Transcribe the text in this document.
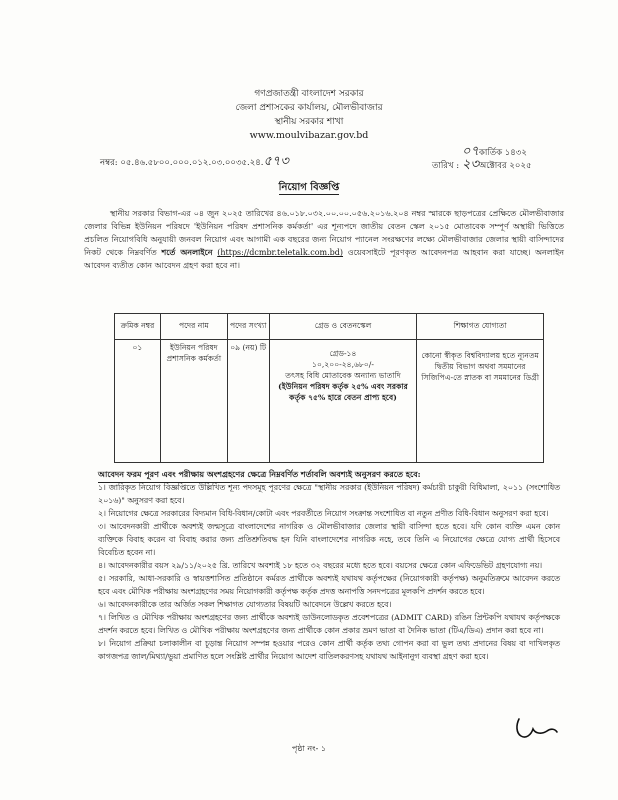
গণপ্রজাতন্ত্রী বাংলাদেশ সরকার
জেলা প্রশাসকের কার্যালয়, মৌলভীবাজার
স্থানীয় সরকার শাখা
www.moulvibazar.gov.bd
নম্বর: ০৫.৪৬.৫৮০০.০০০.০১২.০৩.০০৩৫.২৪.৫৭৩
০৭কার্তিক ১৪৩২
তারিখ : ২৩অক্টোবর ২০২৫
নিয়োগ বিজ্ঞপ্তি
স্থানীয় সরকার বিভাগ-এর ০৪ জুন ২০২৫ তারিখের ৪৬.০১৮.০৩২.০০.০০.০৫৬.২০১৬.২০৪ নম্বর স্মারকে ছাড়পত্রের প্রেক্ষিতে মৌলভীবাজার জেলার বিভিন্ন ইউনিয়ন পরিষদে 'ইউনিয়ন পরিষদ প্রশাসনিক কর্মকর্তা' এর শূন্যপদে জাতীয় বেতন স্কেল ২০১৫ মোতাবেক সম্পূর্ণ অস্থায়ী ভিত্তিতে প্রচলিত নিয়োগবিধি অনুযায়ী জনবল নিয়োগ এবং আগামী এক বছরের জন্য নিয়োগ প্যানেল সংরক্ষণের লক্ষ্যে মৌলভীবাজার জেলার স্থায়ী বাসিন্দাদের নিকট থেকে নিম্নবর্ণিত শর্তে অনলাইনে (https://dcmbr.teletalk.com.bd) ওয়েবসাইটে পূরণকৃত আবেদনপত্র আহবান করা যাচ্ছে। অনলাইন আবেদন ব্যতীত কোন আবেদন গ্রহণ করা হবে না।
ক্রমিক নম্বর	পদের নাম	পদের সংখ্যা	গ্রেড ও বেতনস্কেল	শিক্ষাগত যোগ্যতা
০১	ইউনিয়ন পরিষদ প্রশাসনিক কর্মকর্তা	০৯ (নয়) টি	গ্রেড-১৪
১০,২০০-২৪,৬৮০/-
তৎসহ বিধি মোতাবেক অন্যান্য ভাতাদি
(ইউনিয়ন পরিষদ কর্তৃক ২৫% এবং সরকার কর্তৃক ৭৫% হারে বেতন প্রাপ্য হবে)	কোনো স্বীকৃত বিশ্ববিদ্যালয় হতে ন্যূনতম দ্বিতীয় বিভাগ অথবা সমমানের সিজিপিএ-তে স্নাতক বা সমমানের ডিগ্রী
আবেদন ফরম পূরণ এবং পরীক্ষায় অংশগ্রহণের ক্ষেত্রে নিম্নবর্ণিত শর্তাবলি অবশ্যই অনুসরণ করতে হবে:

১। জারিকৃত নিয়োগ বিজ্ঞপ্তিতে উল্লিখিত শূন্য পদসমূহ পূরণের ক্ষেত্রে "স্থানীয় সরকার (ইউনিয়ন পরিষদ) কর্মচারী চাকুরী বিধিমালা, ২০১১ (সংশোধিত ২০১৬)" অনুসরণ করা হবে।

২। নিয়োগের ক্ষেত্রে সরকারের বিদ্যমান বিধি-বিধান/কোটা এবং পরবর্তীতে নিয়োগ সংক্রান্ত সংশোধিত বা নতুন প্রণীত বিধি-বিধান অনুসরণ করা হবে।

৩। আবেদনকারী প্রার্থীকে অবশ্যই জন্মসূত্রে বাংলাদেশের নাগরিক ও মৌলভীবাজার জেলার স্থায়ী বাসিন্দা হতে হবে। যদি কোন ব্যক্তি এমন কোন ব্যক্তিকে বিবাহ করেন বা বিবাহ করার জন্য প্রতিশ্রুতিবদ্ধ হন যিনি বাংলাদেশের নাগরিক নহে, তবে তিনি এ নিয়োগের ক্ষেত্রে যোগ্য প্রার্থী হিসেবে বিবেচিত হবেন না।

৪। আবেদনকারীর বয়স ২৯/১১/২০২৫ খ্রি. তারিখে অবশ্যই ১৮ হতে ৩২ বছরের মধ্যে হতে হবে। বয়সের ক্ষেত্রে কোন এফিডেভিট গ্রহণযোগ্য নয়।

৫। সরকারি, আধা-সরকারি ও স্বায়ত্তশাসিত প্রতিষ্ঠানে কর্মরত প্রার্থীকে অবশ্যই যথাযথ কর্তৃপক্ষের (নিয়োগকারী কর্তৃপক্ষ) অনুমতিক্রমে আবেদন করতে হবে এবং মৌখিক পরীক্ষায় অংশগ্রহণের সময় নিয়োগকারী কর্তৃপক্ষ কর্তৃক প্রদত্ত অনাপত্তি সনদপত্রের মূলকপি প্রদর্শন করতে হবে।

৬। আবেদনকারীকে তার অর্জিত সকল শিক্ষাগত যোগ্যতার বিষয়টি আবেদনে উল্লেখ করতে হবে।

৭। লিখিত ও মৌখিক পরীক্ষায় অংশগ্রহণের জন্য প্রার্থীকে অবশ্যই ডাউনলোডকৃত প্রবেশপত্রের (ADMIT CARD) রঙিন প্রিন্টকপি যথাযথ কর্তৃপক্ষকে প্রদর্শন করতে হবে। লিখিত ও মৌখিক পরীক্ষায় অংশগ্রহণের জন্য প্রার্থীকে কোন প্রকার ভ্রমণ ভাতা বা দৈনিক ভাতা (টিএ/ডিএ) প্রদান করা হবে না।

৮। নিয়োগ প্রক্রিয়া চলাকালীন বা চূড়ান্ত নিয়োগ সম্পন্ন হওয়ার পরেও কোন প্রার্থী কর্তৃক তথ্য গোপন করা বা ভুল তথ্য প্রদানের বিষয় বা দাখিলকৃত কাগজপত্র জাল/মিথ্যা/ভুয়া প্রমাণিত হলে সংশ্লিষ্ট প্রার্থীর নিয়োগ আদেশ বাতিলকরণসহ যথাযথ আইনানুগ ব্যবস্থা গ্রহণ করা হবে।

পৃষ্ঠা নং- ১
